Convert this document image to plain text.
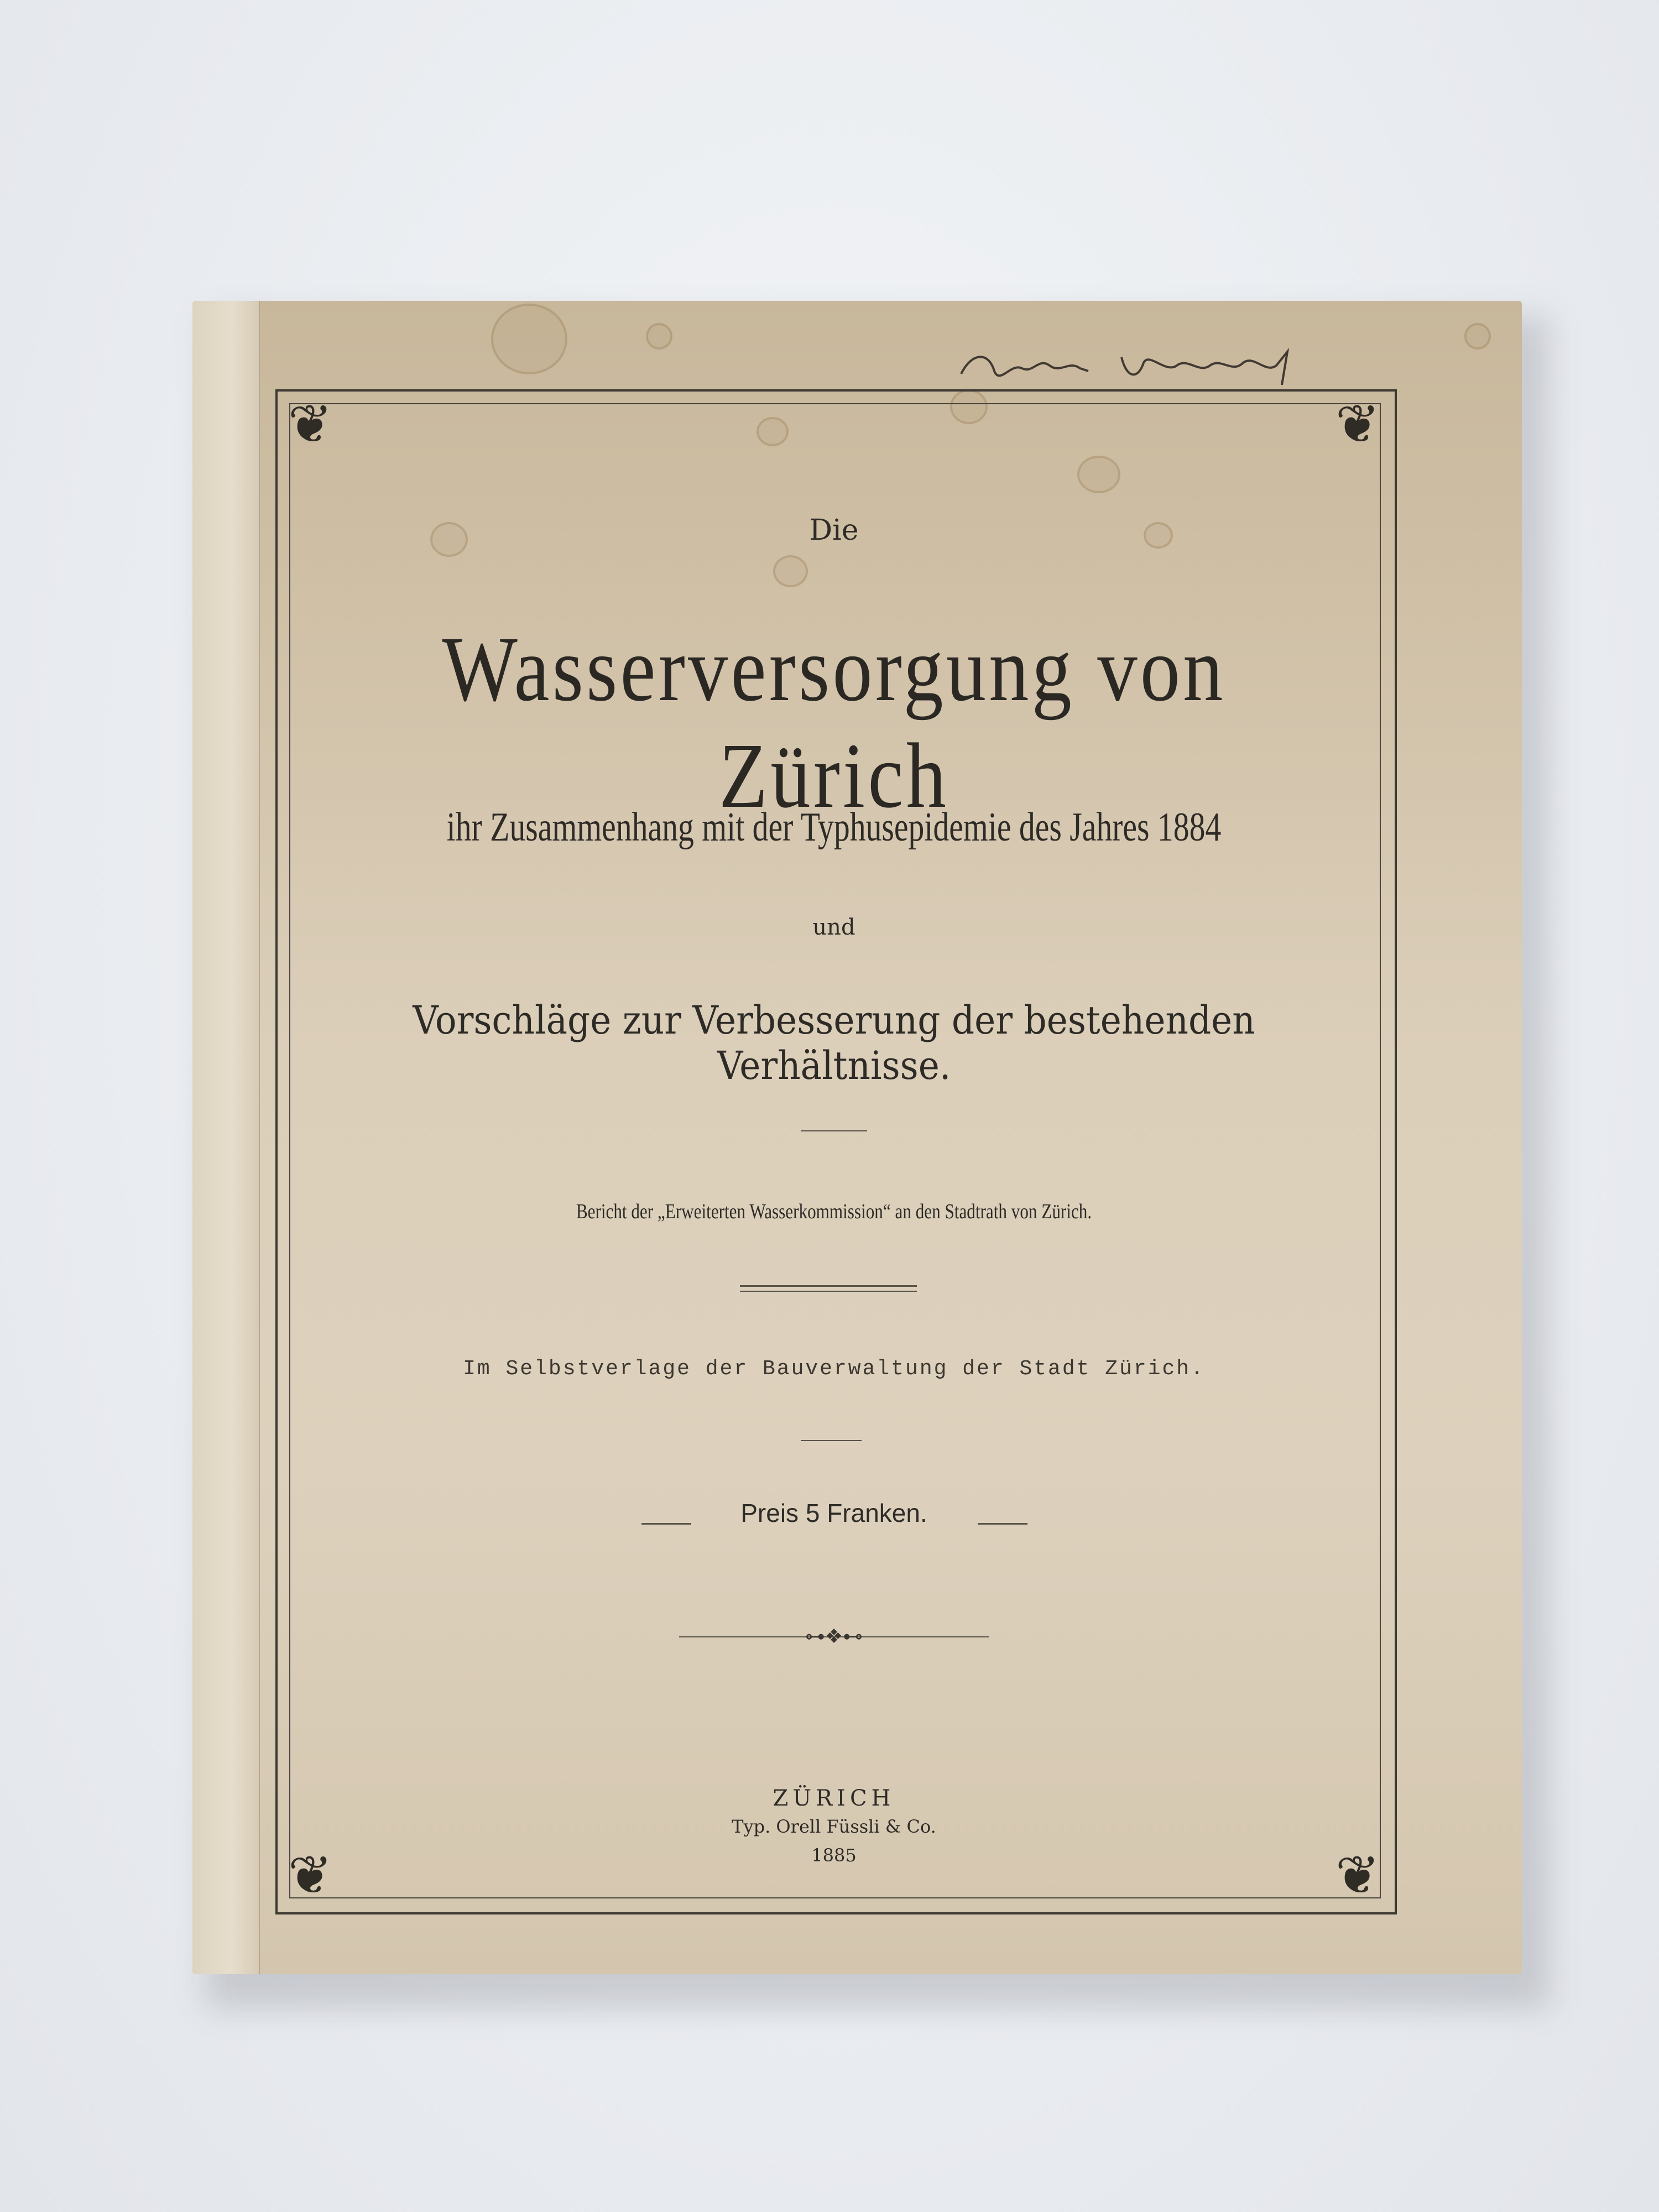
❦	❦
❦	❦
Die
Wasserversorgung von Zürich
ihr Zusammenhang mit der Typhusepidemie des Jahres 1884
und
Vorschläge zur Verbesserung der bestehenden Verhältnisse.
Bericht der „Erweiterten Wasserkommission“ an den Stadtrath von Zürich.
Im Selbstverlage der Bauverwaltung der Stadt Zürich.
Preis 5 Franken.
⊶❖⊷
ZÜRICH
Typ. Orell Füssli & Co.
1885
